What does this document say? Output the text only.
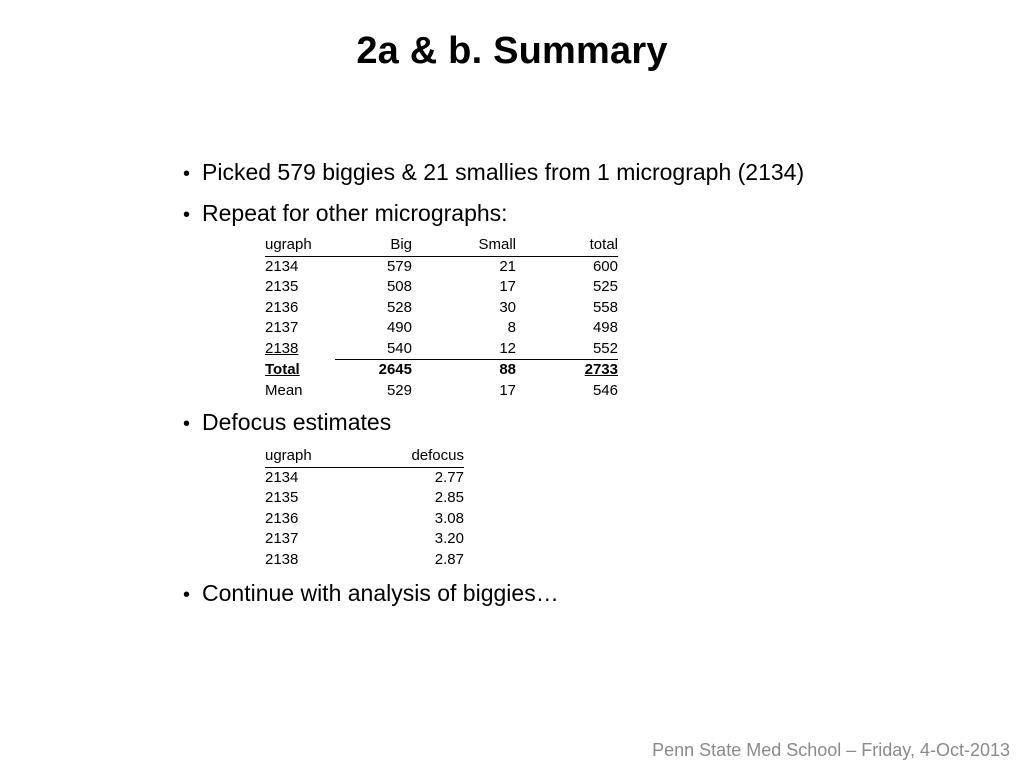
2a & b. Summary
• Picked 579 biggies & 21 smallies from 1 micrograph (2134)
• Repeat for other micrographs:
ugraph	Big	Small	total
2134	579	21	600
2135	508	17	525
2136	528	30	558
2137	490	8	498
2138	540	12	552
Total	2645	88	2733
Mean	529	17	546
• Defocus estimates
ugraph	defocus
2134	2.77
2135	2.85
2136	3.08
2137	3.20
2138	2.87
• Continue with analysis of biggies…
Penn State Med School – Friday, 4-Oct-2013
